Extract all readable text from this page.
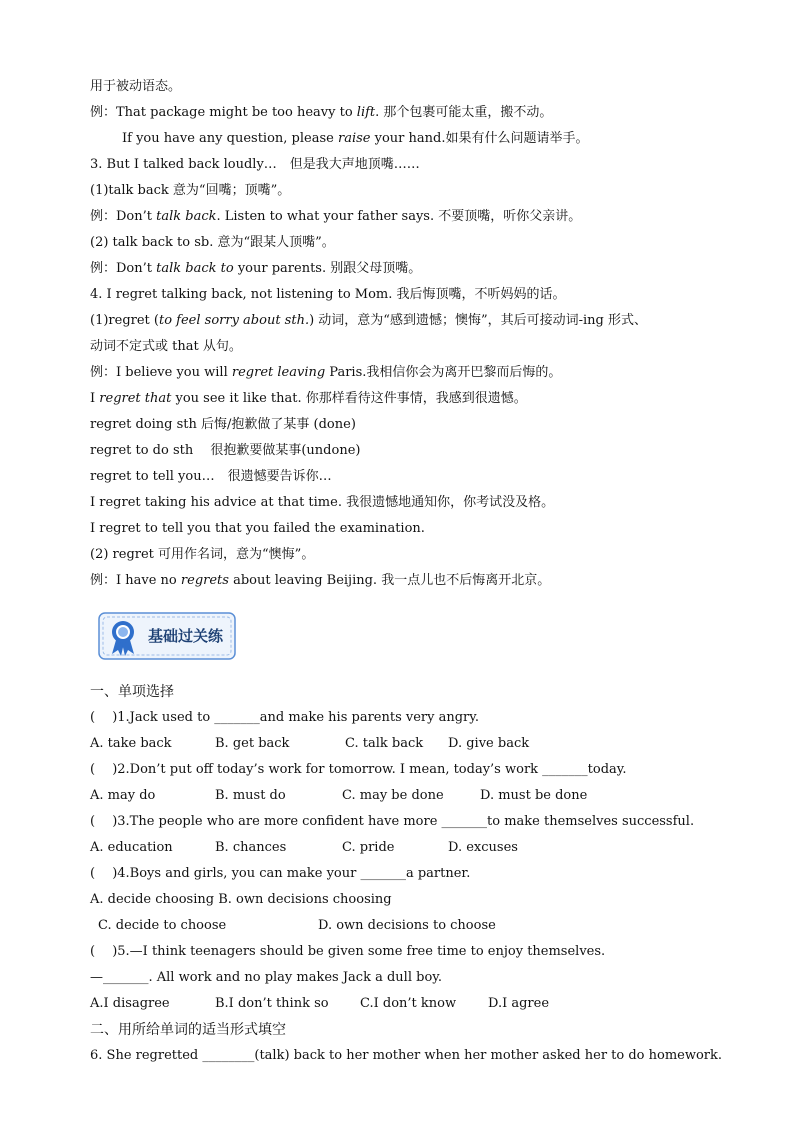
用于被动语态。
例：That package might be too heavy to lift. 那个包裹可能太重，搬不动。
If you have any question, please raise your hand.如果有什么问题请举手。
3. But I talked back loudly…　但是我大声地顶嘴……
(1)talk back 意为“回嘴；顶嘴”。
例：Don’t talk back. Listen to what your father says. 不要顶嘴，听你父亲讲。
(2) talk back to sb. 意为“跟某人顶嘴”。
例：Don’t talk back to your parents. 别跟父母顶嘴。
4. I regret talking back, not listening to Mom. 我后悔顶嘴，不听妈妈的话。
(1)regret (to feel sorry about sth.) 动词，意为“感到遗憾；懊悔”，其后可接动词-ing 形式、
动词不定式或 that 从句。
例：I believe you will regret leaving Paris.我相信你会为离开巴黎而后悔的。
I regret that you see it like that. 你那样看待这件事情，我感到很遗憾。
regret doing sth 后悔/抱歉做了某事 (done)
regret to do sth　 很抱歉要做某事(undone)
regret to tell you…　很遗憾要告诉你…
I regret taking his advice at that time. 我很遗憾地通知你，你考试没及格。
I regret to tell you that you failed the examination.
(2) regret 可用作名词，意为“懊悔”。
例：I have no regrets about leaving Beijing. 我一点儿也不后悔离开北京。
基础过关练
一、单项选择
(　 )1.Jack used to _______and make his parents very angry.
A. take back	B. get back	C. talk back D. give back
(　 )2.Don’t put off today’s work for tomorrow. I mean, today’s work _______today.
A. may do	B. must do	C. may be done	D. must be done
(　 )3.The people who are more confident have more _______to make themselves successful.
A. education	B. chances	C. pride	D. excuses
(　 )4.Boys and girls, you can make your _______a partner.
A. decide choosing B. own decisions choosing
C. decide to choose	D. own decisions to choose
(　 )5.—I think teenagers should be given some free time to enjoy themselves.
—_______. All work and no play makes Jack a dull boy.
A.I disagree	B.I don’t think so C.I don’t know D.I agree
二、用所给单词的适当形式填空
6. She regretted ________(talk) back to her mother when her mother asked her to do homework.
